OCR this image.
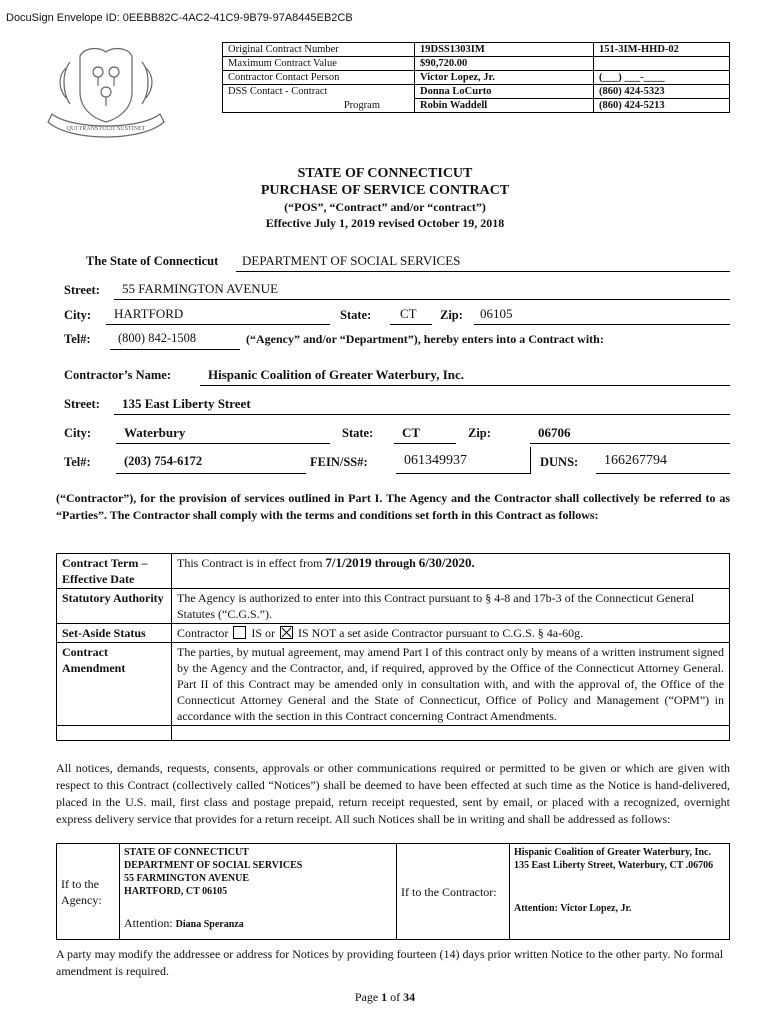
DocuSign Envelope ID: 0EEBB82C-4AC2-41C9-9B79-97A8445EB2CB
QUI TRANSTULIT SUSTINET
Original Contract Number	19DSS1303IM	151-3IM-HHD-02
Maximum Contract Value	$90,720.00	
Contractor Contact Person	Victor Lopez, Jr.	(___) ___-____
DSS Contact - Contract	Donna LoCurto	(860) 424-5323
Program	Robin Waddell	(860) 424-5213
STATE OF CONNECTICUT
PURCHASE OF SERVICE CONTRACT
(“POS”, “Contract” and/or “contract”)
Effective July 1, 2019 revised October 19, 2018
The State of Connecticut DEPARTMENT OF SOCIAL SERVICES
Street: 55 FARMINGTON AVENUE
City: HARTFORD	State: CT Zip: 06105
Tel#: (800) 842-1508	(“Agency” and/or “Department”), hereby enters into a Contract with:
Contractor’s Name:	Hispanic Coalition of Greater Waterbury, Inc.
Street: 135 East Liberty Street
City:	Waterbury	State: CT	Zip:	06706
Tel#:	(203) 754-6172	FEIN/SS#:	061349937	DUNS: 166267794
(“Contractor”), for the provision of services outlined in Part I. The Agency and the Contractor shall collectively be referred to as “Parties”. The Contractor shall comply with the terms and conditions set forth in this Contract as follows:
Contract Term – Effective Date	This Contract is in effect from 7/1/2019 through 6/30/2020.
Statutory Authority	The Agency is authorized to enter into this Contract pursuant to § 4-8 and 17b-3 of the Connecticut General Statutes (“C.G.S.”).
Set-Aside Status	Contractor IS or IS NOT a set aside Contractor pursuant to C.G.S. § 4a-60g.
Contract Amendment	The parties, by mutual agreement, may amend Part I of this contract only by means of a written instrument signed by the Agency and the Contractor, and, if required, approved by the Office of the Connecticut Attorney General. Part II of this Contract may be amended only in consultation with, and with the approval of, the Office of the Connecticut Attorney General and the State of Connecticut, Office of Policy and Management (“OPM”) in accordance with the section in this Contract concerning Contract Amendments.

All notices, demands, requests, consents, approvals or other communications required or permitted to be given or which are given with respect to this Contract (collectively called “Notices”) shall be deemed to have been effected at such time as the Notice is hand-delivered, placed in the U.S. mail, first class and postage prepaid, return receipt requested, sent by email, or placed with a recognized, overnight express delivery service that provides for a return receipt. All such Notices shall be in writing and shall be addressed as follows:
If to the Agency:	
STATE OF CONNECTICUT
DEPARTMENT OF SOCIAL SERVICES
55 FARMINGTON AVENUE
HARTFORD, CT 06105
Attention: Diana Speranza
	If to the Contractor:	
Hispanic Coalition of Greater Waterbury, Inc.
135 East Liberty Street, Waterbury, CT .06706
Attention: Victor Lopez, Jr.
A party may modify the addressee or address for Notices by providing fourteen (14) days prior written Notice to the other party. No formal amendment is required.
Page 1 of 34
